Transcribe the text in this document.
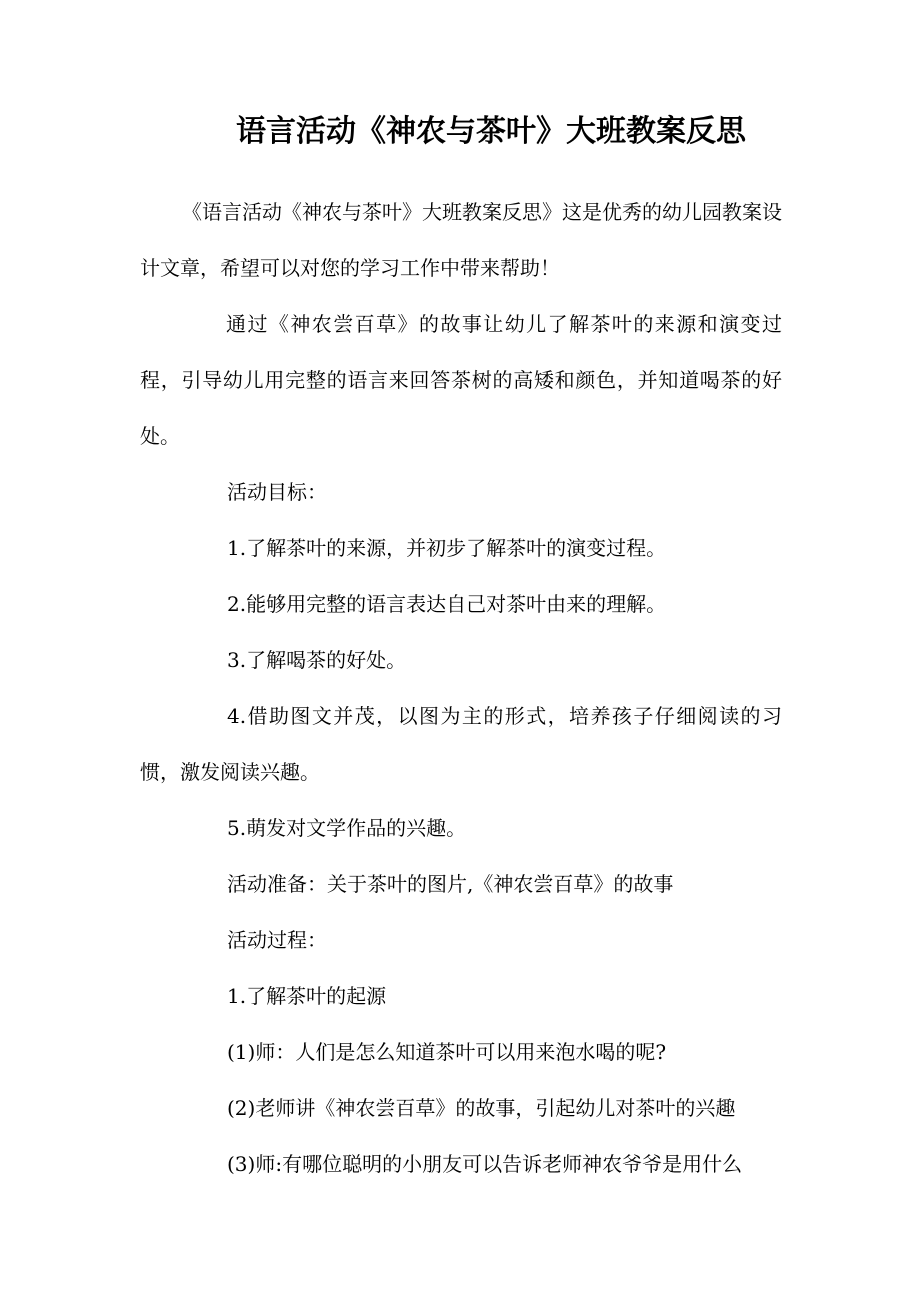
语言活动《神农与茶叶》大班教案反思

《语言活动《神农与茶叶》大班教案反思》这是优秀的幼儿园教案设计文章，希望可以对您的学习工作中带来帮助！

通过《神农尝百草》的故事让幼儿了解茶叶的来源和演变过程，引导幼儿用完整的语言来回答茶树的高矮和颜色，并知道喝茶的好处。

活动目标：

1.了解茶叶的来源，并初步了解茶叶的演变过程。

2.能够用完整的语言表达自己对茶叶由来的理解。

3.了解喝茶的好处。

4.借助图文并茂，以图为主的形式，培养孩子仔细阅读的习惯，激发阅读兴趣。

5.萌发对文学作品的兴趣。

活动准备：关于茶叶的图片,《神农尝百草》的故事

活动过程：

1.了解茶叶的起源

(1)师：人们是怎么知道茶叶可以用来泡水喝的呢?

(2)老师讲《神农尝百草》的故事，引起幼儿对茶叶的兴趣

(3)师:有哪位聪明的小朋友可以告诉老师神农爷爷是用什么
